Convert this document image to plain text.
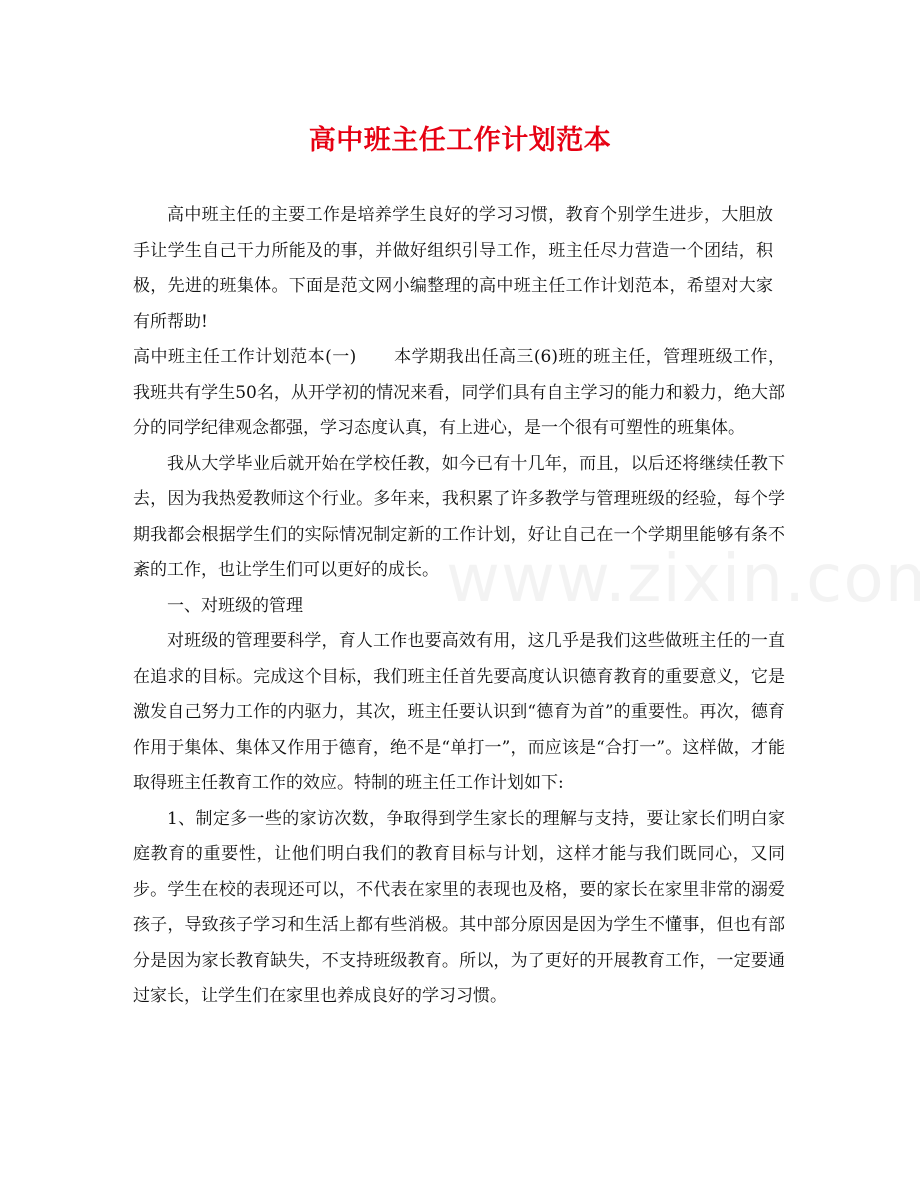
高中班主任工作计划范本

高中班主任的主要工作是培养学生良好的学习习惯，教育个别学生进步，大胆放手让学生自己干力所能及的事，并做好组织引导工作，班主任尽力营造一个团结，积极，先进的班集体。下面是范文网小编整理的高中班主任工作计划范本，希望对大家有所帮助!

高中班主任工作计划范本(一) 本学期我出任高三(6)班的班主任，管理班级工作，我班共有学生50名，从开学初的情况来看，同学们具有自主学习的能力和毅力，绝大部分的同学纪律观念都强，学习态度认真，有上进心，是一个很有可塑性的班集体。

我从大学毕业后就开始在学校任教，如今已有十几年，而且，以后还将继续任教下去，因为我热爱教师这个行业。多年来，我积累了许多教学与管理班级的经验，每个学期我都会根据学生们的实际情况制定新的工作计划，好让自己在一个学期里能够有条不紊的工作，也让学生们可以更好的成长。

一、对班级的管理

对班级的管理要科学，育人工作也要高效有用，这几乎是我们这些做班主任的一直在追求的目标。完成这个目标，我们班主任首先要高度认识德育教育的重要意义，它是激发自己努力工作的内驱力，其次，班主任要认识到“德育为首”的重要性。再次，德育作用于集体、集体又作用于德育，绝不是“单打一”，而应该是“合打一”。这样做，才能取得班主任教育工作的效应。特制的班主任工作计划如下:

1、制定多一些的家访次数，争取得到学生家长的理解与支持，要让家长们明白家庭教育的重要性，让他们明白我们的教育目标与计划，这样才能与我们既同心，又同步。学生在校的表现还可以，不代表在家里的表现也及格，要的家长在家里非常的溺爱孩子，导致孩子学习和生活上都有些消极。其中部分原因是因为学生不懂事，但也有部分是因为家长教育缺失，不支持班级教育。所以，为了更好的开展教育工作，一定要通过家长，让学生们在家里也养成良好的学习习惯。
